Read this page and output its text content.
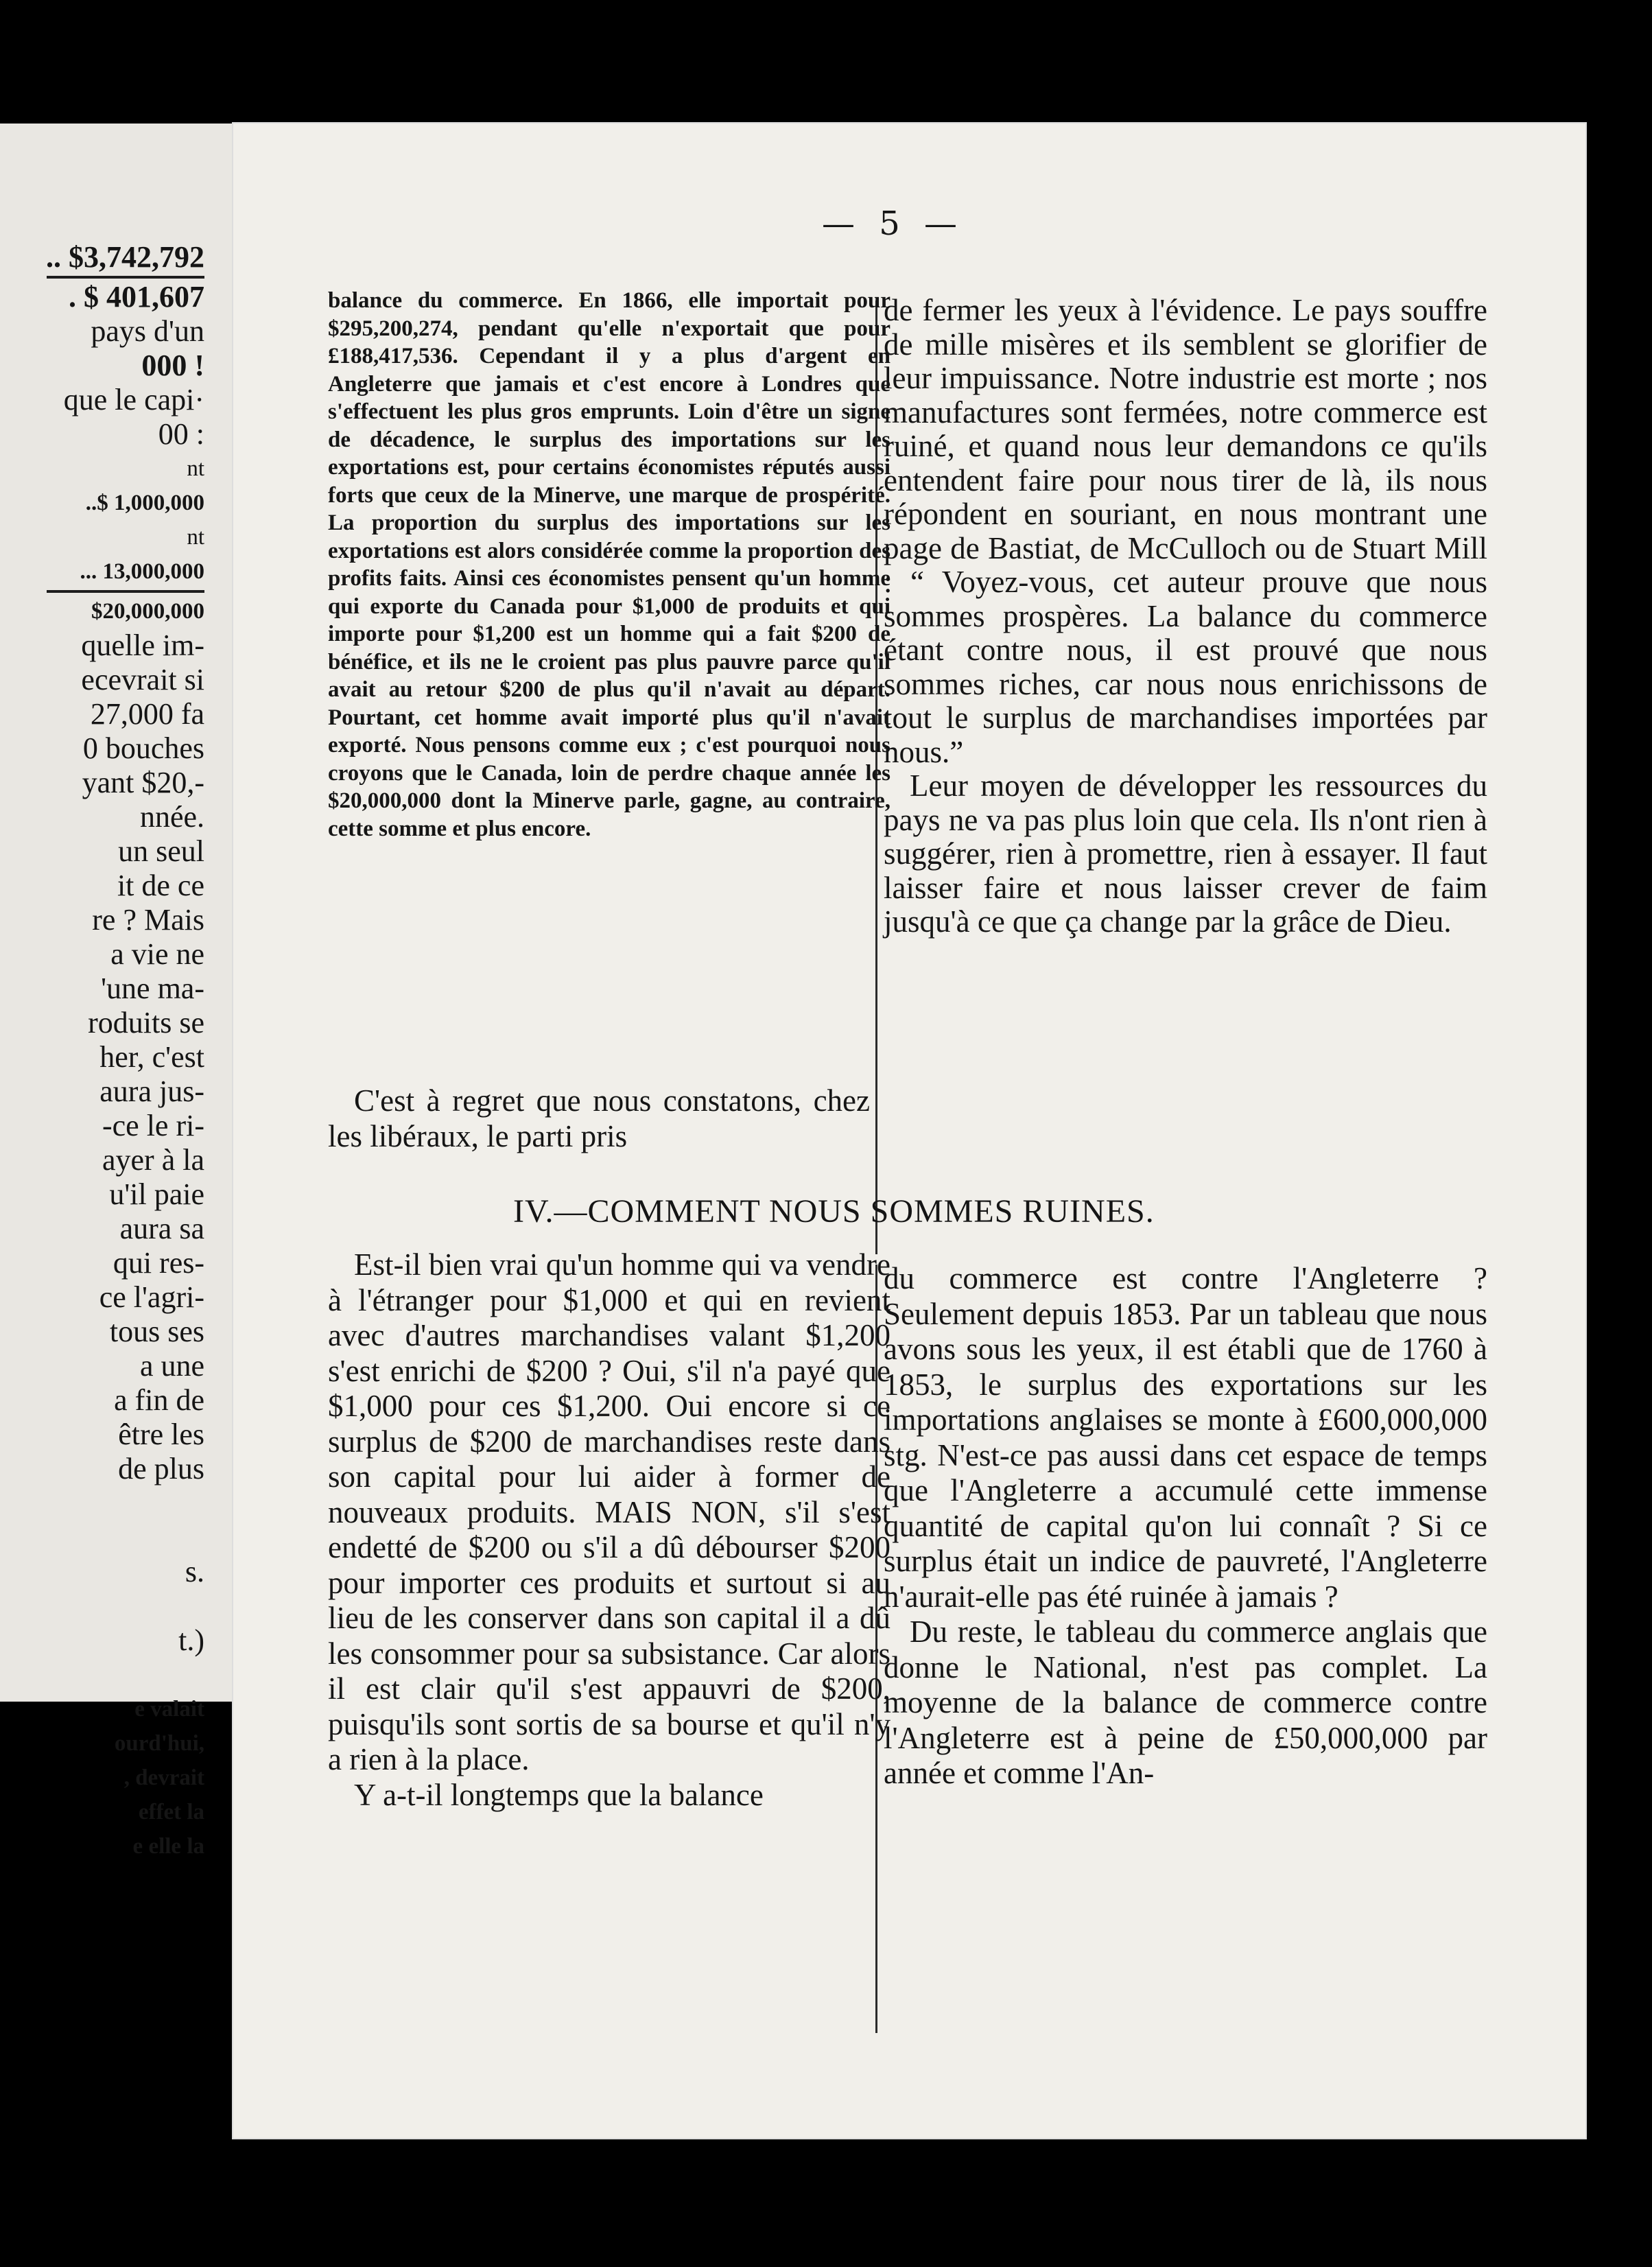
.. $3,742,792
. $ 401,607
pays d'un
000 !
que le capi·
00 :
nt
..$ 1,000,000
nt
... 13,000,000
$20,000,000
quelle im-
ecevrait si
27,000 fa
0 bouches
yant $20,-
nnée.
un seul
it de ce
re ? Mais
a vie ne
'une ma-
roduits se
her, c'est
aura jus-
-ce le ri-
ayer à la
u'il paie
aura sa
qui res-
ce l'agri-
tous ses
a une
a fin de
être les
de plus
s.
t.)
e valait
ourd'hui,
, devrait
effet la
e elle la
— 5 —

balance du commerce. En 1866, elle importait pour $295,200,274, pendant qu'elle n'exportait que pour £188,417,536. Cependant il y a plus d'argent en Angleterre que jamais et c'est encore à Londres que s'effectuent les plus gros emprunts. Loin d'être un signe de décadence, le surplus des importations sur les exportations est, pour certains économistes réputés aussi forts que ceux de la Minerve, une marque de prospérité. La proportion du surplus des importations sur les exportations est alors considérée comme la proportion des profits faits. Ainsi ces économistes pensent qu'un homme qui exporte du Canada pour $1,000 de produits et qui importe pour $1,200 est un homme qui a fait $200 de bénéfice, et ils ne le croient pas plus pauvre parce qu'il avait au retour $200 de plus qu'il n'avait au départ. Pourtant, cet homme avait importé plus qu'il n'avait exporté. Nous pensons comme eux ; c'est pourquoi nous croyons que le Canada, loin de perdre chaque année les $20,000,000 dont la Minerve parle, gagne, au contraire, cette somme et plus encore.

C'est à regret que nous constatons, chez les libéraux, le parti pris

de fermer les yeux à l'évidence. Le pays souffre de mille misères et ils semblent se glorifier de leur impuissance. Notre industrie est morte ; nos manufactures sont fermées, notre commerce est ruiné, et quand nous leur demandons ce qu'ils entendent faire pour nous tirer de là, ils nous répondent en souriant, en nous montrant une page de Bastiat, de McCulloch ou de Stuart Mill : “ Voyez-vous, cet auteur prouve que nous sommes prospères. La balance du commerce étant contre nous, il est prouvé que nous sommes riches, car nous nous enrichissons de tout le surplus de marchandises importées par nous.”

Leur moyen de développer les ressources du pays ne va pas plus loin que cela. Ils n'ont rien à suggérer, rien à promettre, rien à essayer. Il faut laisser faire et nous laisser crever de faim jusqu'à ce que ça change par la grâce de Dieu.

IV.—COMMENT NOUS SOMMES RUINES.

Est-il bien vrai qu'un homme qui va vendre à l'étranger pour $1,000 et qui en revient avec d'autres marchandises valant $1,200 s'est enrichi de $200 ? Oui, s'il n'a payé que $1,000 pour ces $1,200. Oui encore si ce surplus de $200 de marchandises reste dans son capital pour lui aider à former de nouveaux produits. MAIS NON, s'il s'est endetté de $200 ou s'il a dû débourser $200 pour importer ces produits et surtout si au lieu de les conserver dans son capital il a dû les consommer pour sa subsistance. Car alors il est clair qu'il s'est appauvri de $200, puisqu'ils sont sortis de sa bourse et qu'il n'y a rien à la place.

Y a-t-il longtemps que la balance

du commerce est contre l'Angleterre ? Seulement depuis 1853. Par un tableau que nous avons sous les yeux, il est établi que de 1760 à 1853, le surplus des exportations sur les importations anglaises se monte à £600,000,000 stg. N'est-ce pas aussi dans cet espace de temps que l'Angleterre a accumulé cette immense quantité de capital qu'on lui connaît ? Si ce surplus était un indice de pauvreté, l'Angleterre n'aurait-elle pas été ruinée à jamais ?

Du reste, le tableau du commerce anglais que donne le National, n'est pas complet. La moyenne de la balance de commerce contre l'Angleterre est à peine de £50,000,000 par année et comme l'An-
